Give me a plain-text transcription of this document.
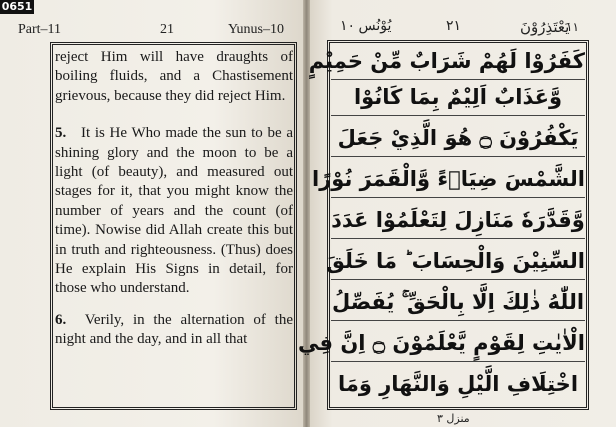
0651
Part–11	21	Yunus–10

reject Him will have draughts of boiling fluids, and a Chastisement grievous, because they did reject Him.

5. It is He Who made the sun to be a shining glory and the moon to be a light (of beauty), and measured out stages for it, that you might know the number of years and the count (of time). Nowise did Allah create this but in truth and righteousness. (Thus) does He explain His Signs in detail, for those who understand.

6. Verily, in the alternation of the night and the day, and in all that

يَعْتَذِرُوْنَ
١١
٢١
يُوْنُس ١٠
كَفَرُوْا لَهُمْ شَرَابٌ مِّنْ حَمِيْمٍ
وَّعَذَابٌ اَلِيْمٌ بِمَا كَانُوْا
يَكْفُرُوْنَ ۝ هُوَ الَّذِيْ جَعَلَ
الشَّمْسَ ضِيَاۤءً وَّالْقَمَرَ نُوْرًا
وَّقَدَّرَهٗ مَنَازِلَ لِتَعْلَمُوْا عَدَدَ
السِّنِيْنَ وَالْحِسَابَ ؕ مَا خَلَقَ
اللّٰهُ ذٰلِكَ اِلَّا بِالْحَقِّ ۚ يُفَصِّلُ
الْاٰيٰتِ لِقَوْمٍ يَّعْلَمُوْنَ ۝ اِنَّ فِي
اخْتِلَافِ الَّيْلِ وَالنَّهَارِ وَمَا
منزل ٣
